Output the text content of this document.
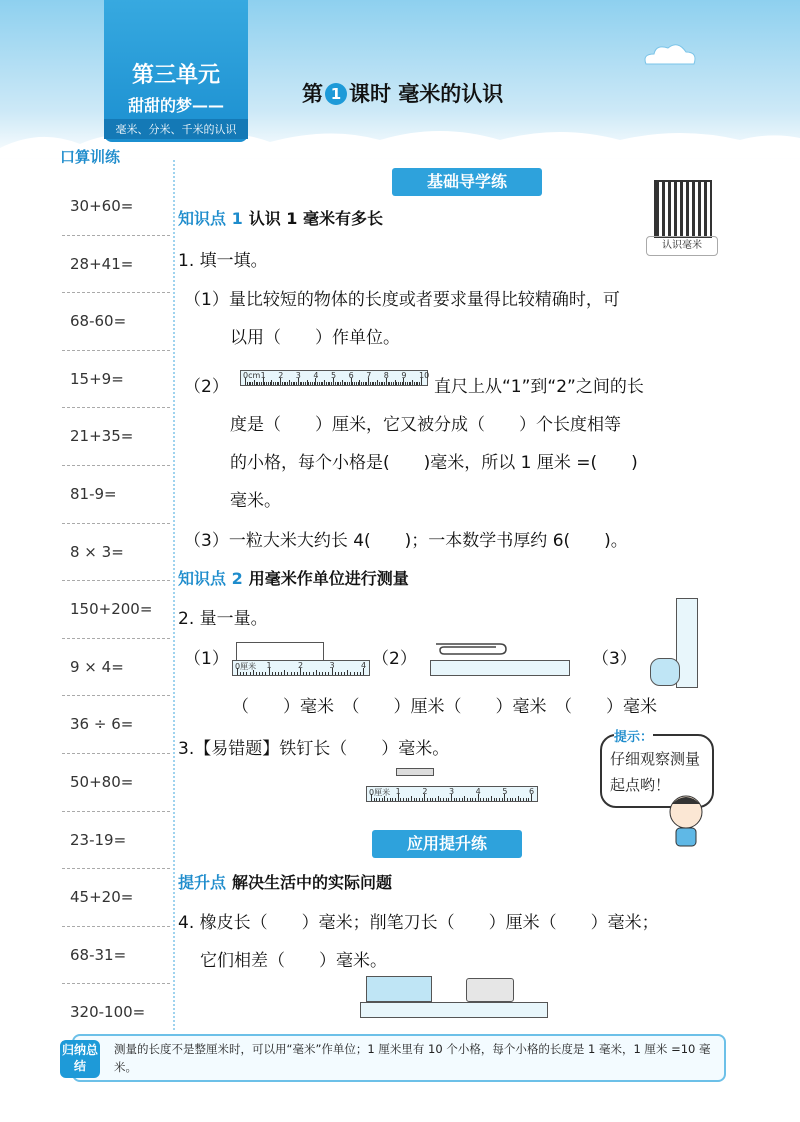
第三单元
甜甜的梦——
毫米、分米、千米的认识
第 1 课时 毫米的认识
口算训练
30+60=
28+41=
68-60=
15+9=
21+35=
81-9=
8 × 3=
150+200=
9 × 4=
36 ÷ 6=
50+80=
23-19=
45+20=
68-31=
320-100=
基础导学练
认识毫米
知识点 1 认识 1 毫米有多长
1. 填一填。
（1）量比较短的物体的长度或者要求量得比较精确时，可
以用（　　）作单位。
（2）
0cm 1 2 3 4 5 6 7 8 9 10
直尺上从“1”到“2”之间的长
度是（　　）厘米，它又被分成（　　）个长度相等
的小格，每个小格是(　　)毫米，所以 1 厘米 =(　　)
毫米。
（3）一粒大米大约长 4(　　)；一本数学书厚约 6(　　)。
知识点 2 用毫米作单位进行测量
2. 量一量。
（1） 0厘米 1	2	3	4 （2）	（3）
（　　）毫米　（　　）厘米（　　）毫米　（　　）毫米
3.【易错题】铁钉长（　　）毫米。
0厘米 1	2	3	4	5	6
提示：
仔细观察测量起点哟！
应用提升练
提升点 解决生活中的实际问题
4. 橡皮长（　　）毫米；削笔刀长（　　）厘米（　　）毫米；
它们相差（　　）毫米。
归纳总结
测量的长度不是整厘米时，可以用“毫米”作单位；1 厘米里有 10 个小格，每个小格的长度是 1 毫米，1 厘米 =10 毫米。
